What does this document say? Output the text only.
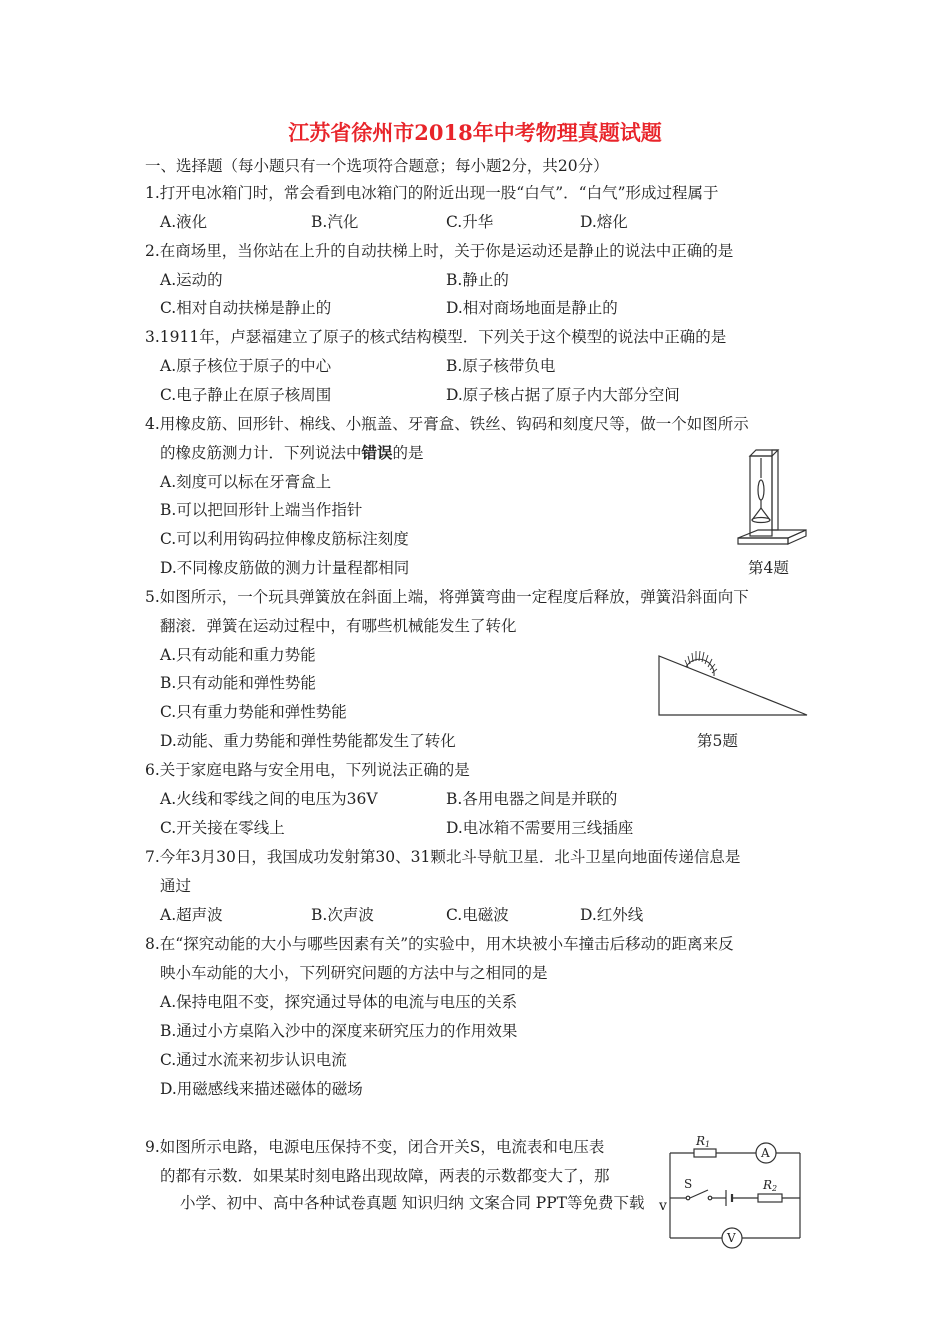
江苏省徐州市2018年中考物理真题试题
一、选择题（每小题只有一个选项符合题意；每小题2分，共20分）
1.打开电冰箱门时，常会看到电冰箱门的附近出现一股“白气”．“白气”形成过程属于
A.液化	B.汽化	C.升华	D.熔化
2.在商场里，当你站在上升的自动扶梯上时，关于你是运动还是静止的说法中正确的是
A.运动的	B.静止的
C.相对自动扶梯是静止的	D.相对商场地面是静止的
3.1911年，卢瑟福建立了原子的核式结构模型．下列关于这个模型的说法中正确的是
A.原子核位于原子的中心	B.原子核带负电
C.电子静止在原子核周围	D.原子核占据了原子内大部分空间
4.用橡皮筋、回形针、棉线、小瓶盖、牙膏盒、铁丝、钩码和刻度尺等，做一个如图所示
的橡皮筋测力计．下列说法中错误的是
A.刻度可以标在牙膏盒上
B.可以把回形针上端当作指针
C.可以利用钩码拉伸橡皮筋标注刻度
D.不同橡皮筋做的测力计量程都相同	第4题
5.如图所示，一个玩具弹簧放在斜面上端，将弹簧弯曲一定程度后释放，弹簧沿斜面向下
翻滚．弹簧在运动过程中，有哪些机械能发生了转化
A.只有动能和重力势能
B.只有动能和弹性势能
C.只有重力势能和弹性势能
D.动能、重力势能和弹性势能都发生了转化	第5题
6.关于家庭电路与安全用电，下列说法正确的是
A.火线和零线之间的电压为36V	B.各用电器之间是并联的
C.开关接在零线上	D.电冰箱不需要用三线插座
7.今年3月30日，我国成功发射第30、31颗北斗导航卫星．北斗卫星向地面传递信息是
通过
A.超声波	B.次声波	C.电磁波	D.红外线
8.在“探究动能的大小与哪些因素有关”的实验中，用木块被小车撞击后移动的距离来反
映小车动能的大小，下列研究问题的方法中与之相同的是
A.保持电阻不变，探究通过导体的电流与电压的关系
B.通过小方桌陷入沙中的深度来研究压力的作用效果
C.通过水流来初步认识电流
D.用磁感线来描述磁体的磁场
9.如图所示电路，电源电压保持不变，闭合开关S，电流表和电压表
的都有示数．如果某时刻电路出现故障，两表的示数都变大了，那
小学、初中、高中各种试卷真题 知识归纳 文案合同 PPT等免费下载 v
R1
A
S	R2
V
